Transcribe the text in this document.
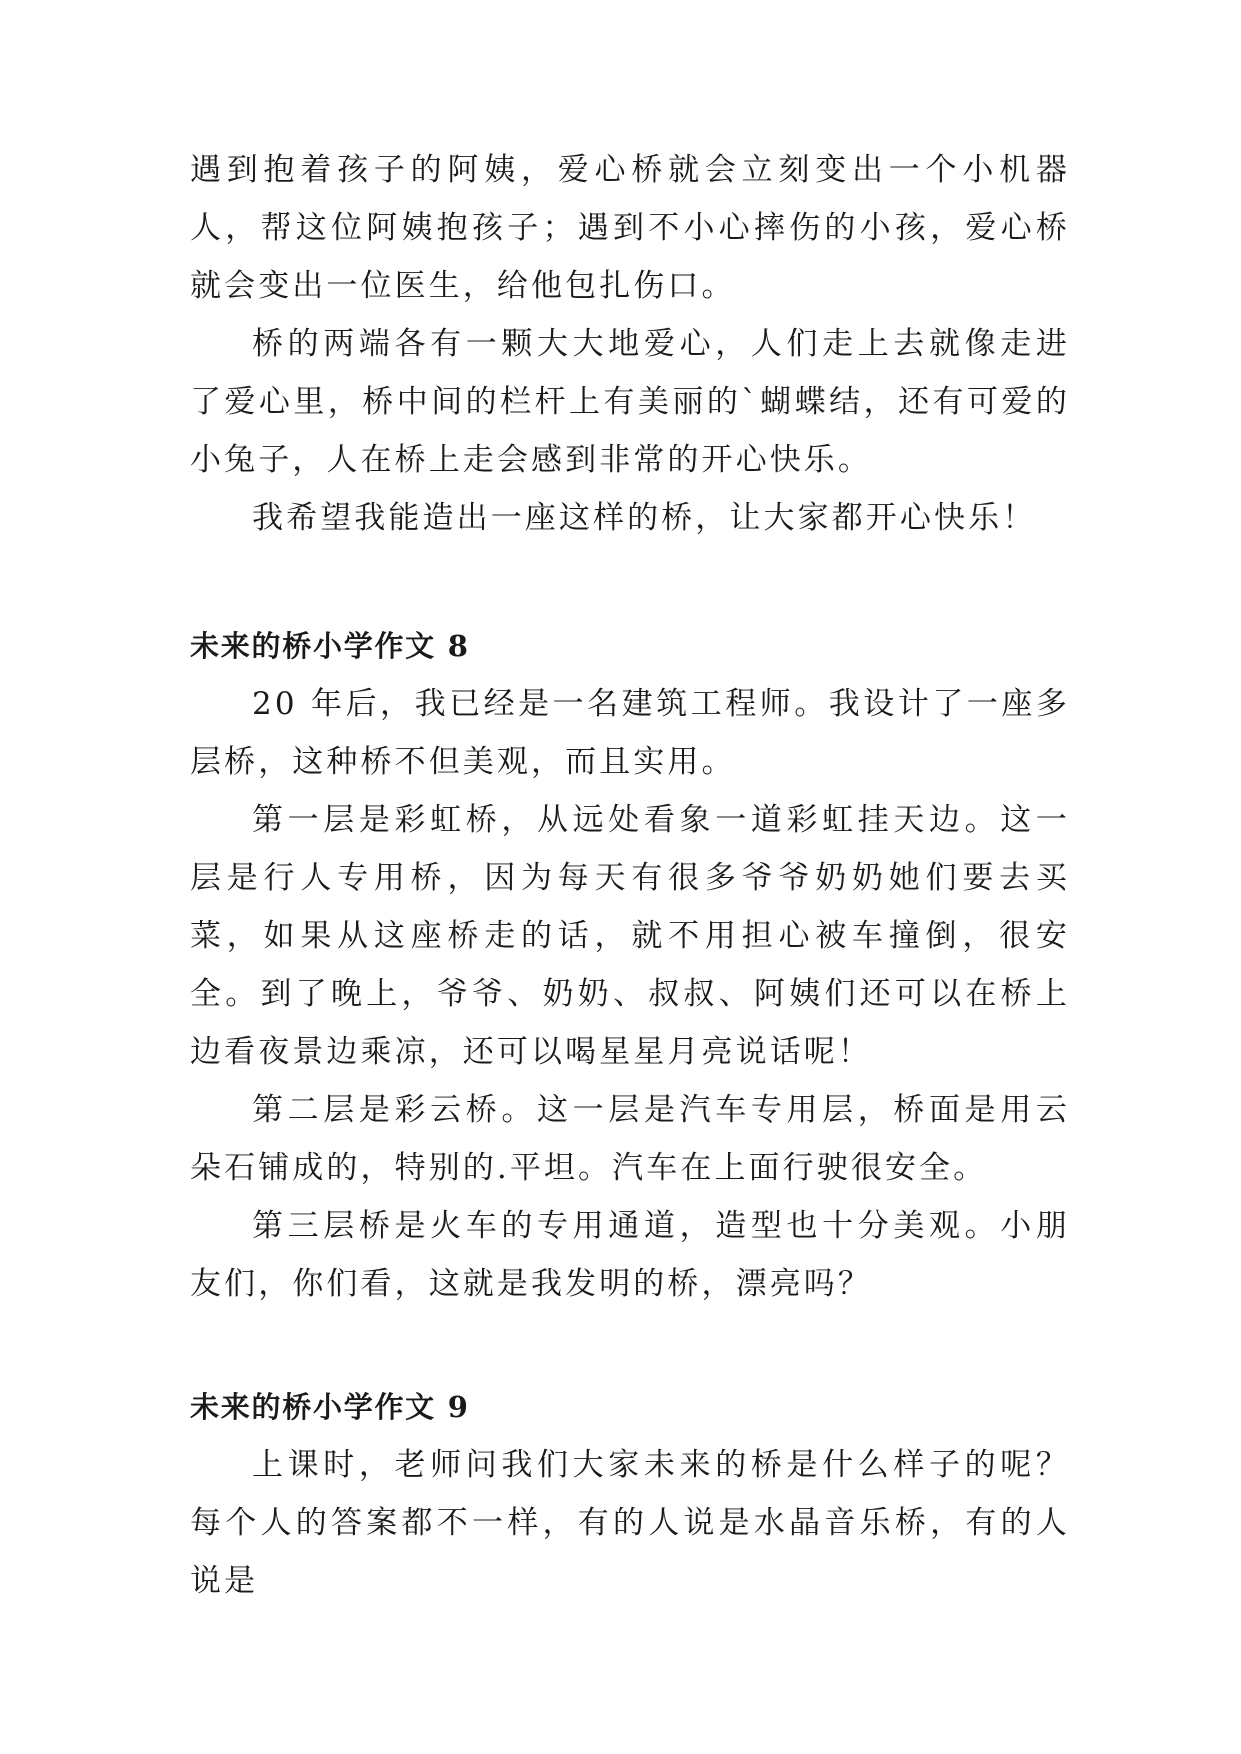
遇到抱着孩子的阿姨，爱心桥就会立刻变出一个小机器人，帮这位阿姨抱孩子；遇到不小心摔伤的小孩，爱心桥就会变出一位医生，给他包扎伤口。

桥的两端各有一颗大大地爱心，人们走上去就像走进了爱心里，桥中间的栏杆上有美丽的`蝴蝶结，还有可爱的小兔子，人在桥上走会感到非常的开心快乐。

我希望我能造出一座这样的桥，让大家都开心快乐！

未来的桥小学作文 8

20 年后，我已经是一名建筑工程师。我设计了一座多层桥，这种桥不但美观，而且实用。

第一层是彩虹桥，从远处看象一道彩虹挂天边。这一层是行人专用桥，因为每天有很多爷爷奶奶她们要去买菜，如果从这座桥走的话，就不用担心被车撞倒，很安全。到了晚上，爷爷、奶奶、叔叔、阿姨们还可以在桥上边看夜景边乘凉，还可以喝星星月亮说话呢！

第二层是彩云桥。这一层是汽车专用层，桥面是用云朵石铺成的，特别的.平坦。汽车在上面行驶很安全。

第三层桥是火车的专用通道，造型也十分美观。小朋友们，你们看，这就是我发明的桥，漂亮吗？

未来的桥小学作文 9

上课时，老师问我们大家未来的桥是什么样子的呢？每个人的答案都不一样，有的人说是水晶音乐桥，有的人说是
